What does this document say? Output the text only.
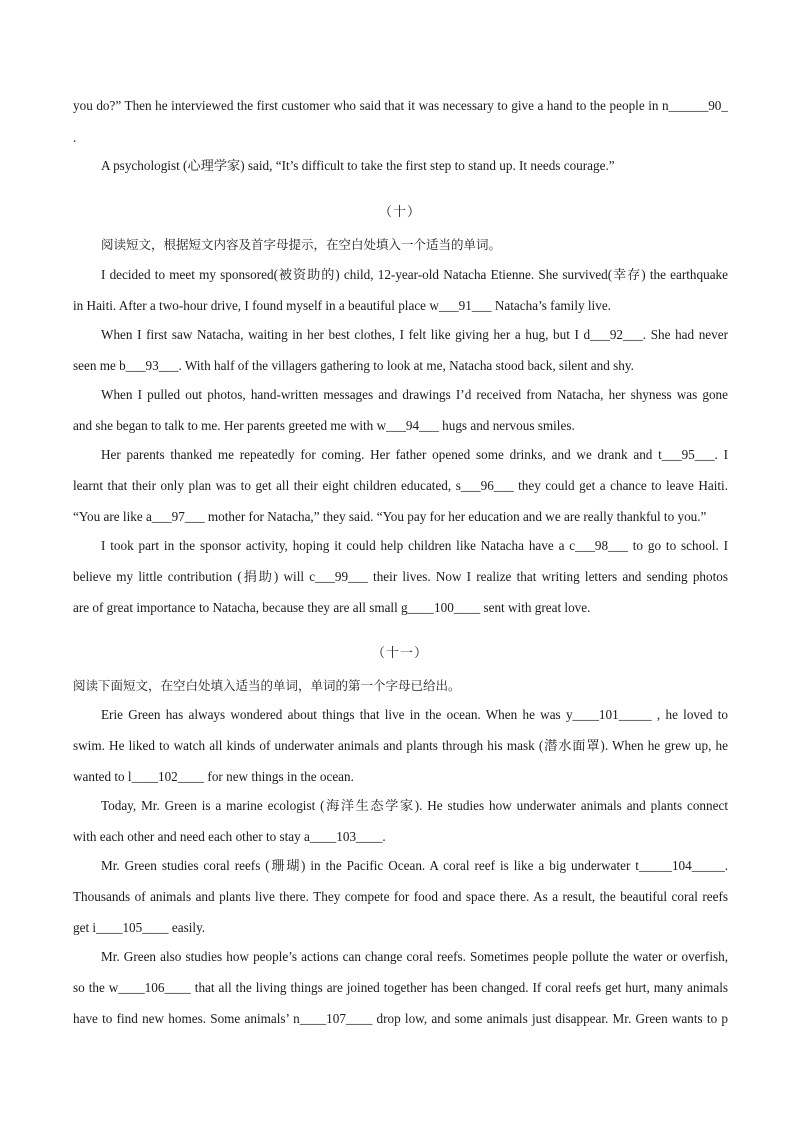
you do?” Then he interviewed the first customer who said that it was necessary to give a hand to the people in n______90_
.
A psychologist (心理学家) said, “It’s difficult to take the first step to stand up. It needs courage.”
（十）
阅读短文，根据短文内容及首字母提示，在空白处填入一个适当的单词。
I decided to meet my sponsored(被资助的) child, 12-year-old Natacha Etienne. She survived(幸存) the earthquake
in Haiti. After a two-hour drive, I found myself in a beautiful place w___91___ Natacha’s family live.
When I first saw Natacha, waiting in her best clothes, I felt like giving her a hug, but I d___92___. She had never
seen me b___93___. With half of the villagers gathering to look at me, Natacha stood back, silent and shy.
When I pulled out photos, hand-written messages and drawings I’d received from Natacha, her shyness was gone
and she began to talk to me. Her parents greeted me with w___94___ hugs and nervous smiles.
Her parents thanked me repeatedly for coming. Her father opened some drinks, and we drank and t___95___. I
learnt that their only plan was to get all their eight children educated, s___96___ they could get a chance to leave Haiti.
“You are like a___97___ mother for Natacha,” they said. “You pay for her education and we are really thankful to you.”
I took part in the sponsor activity, hoping it could help children like Natacha have a c___98___ to go to school. I
believe my little contribution (捐助) will c___99___ their lives. Now I realize that writing letters and sending photos
are of great importance to Natacha, because they are all small g____100____ sent with great love.
（十一）
阅读下面短文，在空白处填入适当的单词，单词的第一个字母已给出。
Erie Green has always wondered about things that live in the ocean. When he was y____101_____ , he loved to
swim. He liked to watch all kinds of underwater animals and plants through his mask (潜水面罩). When he grew up, he
wanted to l____102____ for new things in the ocean.
Today, Mr. Green is a marine ecologist (海洋生态学家). He studies how underwater animals and plants connect
with each other and need each other to stay a____103____.
Mr. Green studies coral reefs (珊瑚) in the Pacific Ocean. A coral reef is like a big underwater t_____104_____.
Thousands of animals and plants live there. They compete for food and space there. As a result, the beautiful coral reefs
get i____105____ easily.
Mr. Green also studies how people’s actions can change coral reefs. Sometimes people pollute the water or overfish,
so the w____106____ that all the living things are joined together has been changed. If coral reefs get hurt, many animals
have to find new homes. Some animals’ n____107____ drop low, and some animals just disappear. Mr. Green wants to p
